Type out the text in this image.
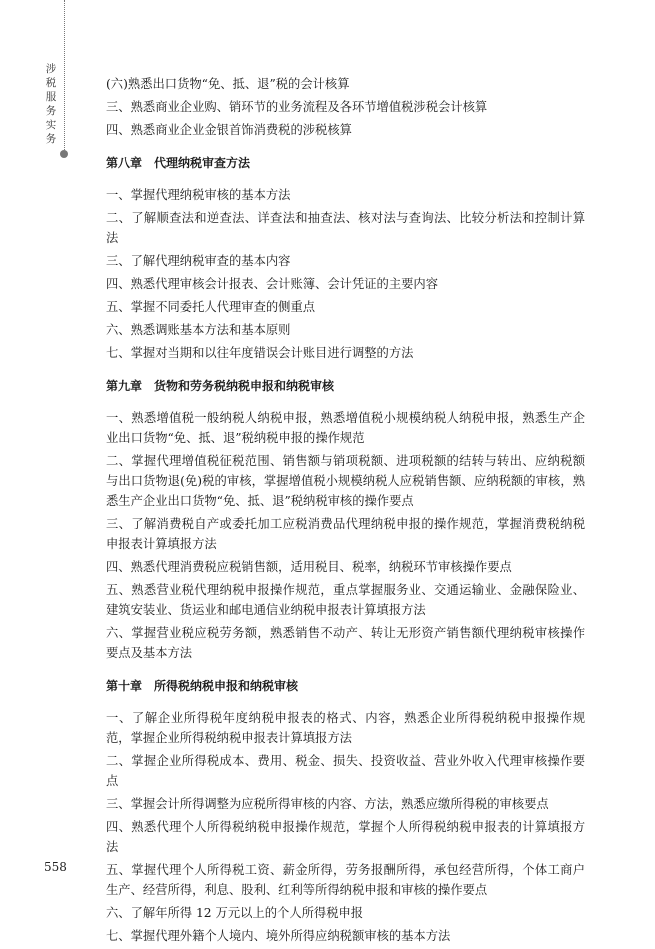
涉税服务实务

(六)熟悉出口货物“免、抵、退”税的会计核算

三、熟悉商业企业购、销环节的业务流程及各环节增值税涉税会计核算

四、熟悉商业企业金银首饰消费税的涉税核算

第八章　代理纳税审查方法

一、掌握代理纳税审核的基本方法

二、了解顺查法和逆查法、详查法和抽查法、核对法与查询法、比较分析法和控制计算法

三、了解代理纳税审查的基本内容

四、熟悉代理审核会计报表、会计账簿、会计凭证的主要内容

五、掌握不同委托人代理审查的侧重点

六、熟悉调账基本方法和基本原则

七、掌握对当期和以往年度错误会计账目进行调整的方法

第九章　货物和劳务税纳税申报和纳税审核

一、熟悉增值税一般纳税人纳税申报，熟悉增值税小规模纳税人纳税申报，熟悉生产企业出口货物“免、抵、退”税纳税申报的操作规范

二、掌握代理增值税征税范围、销售额与销项税额、进项税额的结转与转出、应纳税额与出口货物退(免)税的审核，掌握增值税小规模纳税人应税销售额、应纳税额的审核，熟悉生产企业出口货物“免、抵、退”税纳税审核的操作要点

三、了解消费税自产或委托加工应税消费品代理纳税申报的操作规范，掌握消费税纳税申报表计算填报方法

四、熟悉代理消费税应税销售额，适用税目、税率，纳税环节审核操作要点

五、熟悉营业税代理纳税申报操作规范，重点掌握服务业、交通运输业、金融保险业、建筑安装业、货运业和邮电通信业纳税申报表计算填报方法

六、掌握营业税应税劳务额，熟悉销售不动产、转让无形资产销售额代理纳税审核操作要点及基本方法

第十章　所得税纳税申报和纳税审核

一、了解企业所得税年度纳税申报表的格式、内容，熟悉企业所得税纳税申报操作规范，掌握企业所得税纳税申报表计算填报方法

二、掌握企业所得税成本、费用、税金、损失、投资收益、营业外收入代理审核操作要点

三、掌握会计所得调整为应税所得审核的内容、方法，熟悉应缴所得税的审核要点

四、熟悉代理个人所得税纳税申报操作规范，掌握个人所得税纳税申报表的计算填报方法

五、掌握代理个人所得税工资、薪金所得，劳务报酬所得，承包经营所得，个体工商户生产、经营所得，利息、股利、红利等所得纳税申报和审核的操作要点

六、了解年所得 12 万元以上的个人所得税申报

七、掌握代理外籍个人境内、境外所得应纳税额审核的基本方法

558
